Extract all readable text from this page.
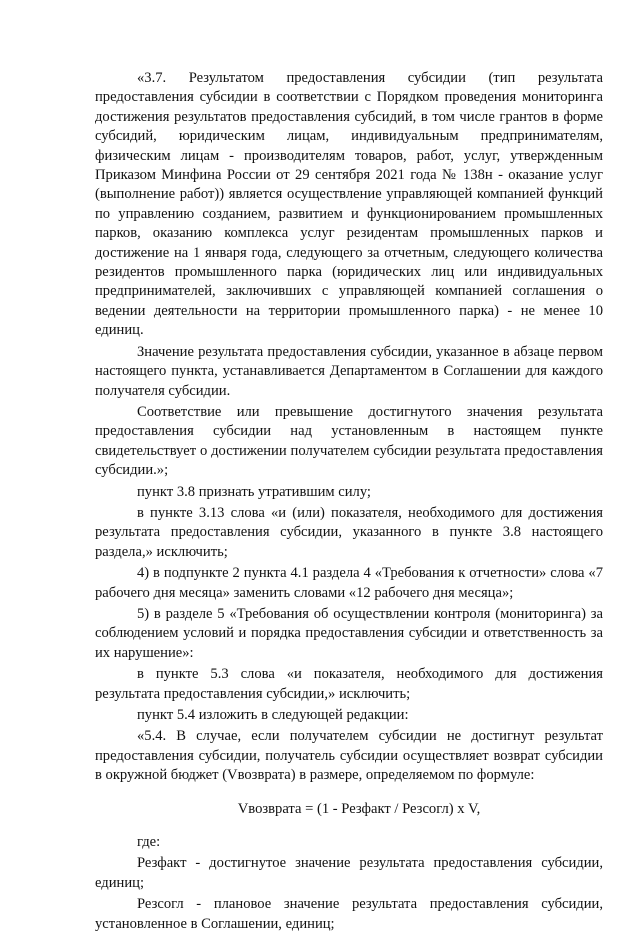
«3.7. Результатом предоставления субсидии (тип результата предоставления субсидии в соответствии с Порядком проведения мониторинга достижения результатов предоставления субсидий, в том числе грантов в форме субсидий, юридическим лицам, индивидуальным предпринимателям, физическим лицам - производителям товаров, работ, услуг, утвержденным Приказом Минфина России от 29 сентября 2021 года № 138н - оказание услуг (выполнение работ)) является осуществление управляющей компанией функций по управлению созданием, развитием и функционированием промышленных парков, оказанию комплекса услуг резидентам промышленных парков и достижение на 1 января года, следующего за отчетным, следующего количества резидентов промышленного парка (юридических лиц или индивидуальных предпринимателей, заключивших с управляющей компанией соглашения о ведении деятельности на территории промышленного парка) - не менее 10 единиц.

Значение результата предоставления субсидии, указанное в абзаце первом настоящего пункта, устанавливается Департаментом в Соглашении для каждого получателя субсидии.

Соответствие или превышение достигнутого значения результата предоставления субсидии над установленным в настоящем пункте свидетельствует о достижении получателем субсидии результата предоставления субсидии.»;

пункт 3.8 признать утратившим силу;

в пункте 3.13 слова «и (или) показателя, необходимого для достижения результата предоставления субсидии, указанного в пункте 3.8 настоящего раздела,» исключить;

4) в подпункте 2 пункта 4.1 раздела 4 «Требования к отчетности» слова «7 рабочего дня месяца» заменить словами «12 рабочего дня месяца»;

5) в разделе 5 «Требования об осуществлении контроля (мониторинга) за соблюдением условий и порядка предоставления субсидии и ответственность за их нарушение»:

в пункте 5.3 слова «и показателя, необходимого для достижения результата предоставления субсидии,» исключить;

пункт 5.4 изложить в следующей редакции:

«5.4. В случае, если получателем субсидии не достигнут результат предоставления субсидии, получатель субсидии осуществляет возврат субсидии в окружной бюджет (Vвозврата) в размере, определяемом по формуле:

Vвозврата = (1 - Резфакт / Резсогл) x V,

где:

Резфакт - достигнутое значение результата предоставления субсидии, единиц;

Резсогл - плановое значение результата предоставления субсидии, установленное в Соглашении, единиц;
